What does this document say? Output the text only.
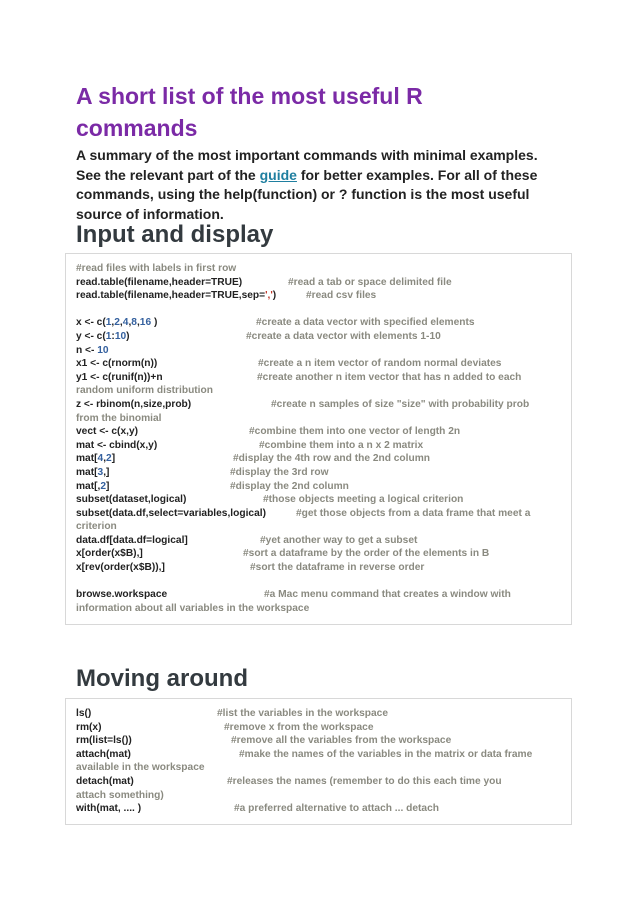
A short list of the most useful R commands

A summary of the most important commands with minimal examples. See the relevant part of the guide for better examples. For all of these commands, using the help(function) or ? function is the most useful source of information.

Input and display
#read files with labels in first row
read.table(filename,header=TRUE)	#read a tab or space delimited file
read.table(filename,header=TRUE,sep=',')	#read csv files
x <- c(1,2,4,8,16 )	#create a data vector with specified elements
y <- c(1:10)	#create a data vector with elements 1-10
n <- 10
x1 <- c(rnorm(n))	#create a n item vector of random normal deviates
y1 <- c(runif(n))+n	#create another n item vector that has n added to each
random uniform distribution
z <- rbinom(n,size,prob)	#create n samples of size "size" with probability prob
from the binomial
vect <- c(x,y)	#combine them into one vector of length 2n
mat <- cbind(x,y)	#combine them into a n x 2 matrix
mat[4,2]	#display the 4th row and the 2nd column
mat[3,]	#display the 3rd row
mat[,2]	#display the 2nd column
subset(dataset,logical)	#those objects meeting a logical criterion
subset(data.df,select=variables,logical)	#get those objects from a data frame that meet a
criterion
data.df[data.df=logical]	#yet another way to get a subset
x[order(x$B),]	#sort a dataframe by the order of the elements in B
x[rev(order(x$B)),]	#sort the dataframe in reverse order
browse.workspace	#a Mac menu command that creates a window with
information about all variables in the workspace
Moving around
ls()	#list the variables in the workspace
rm(x)	#remove x from the workspace
rm(list=ls())	#remove all the variables from the workspace
attach(mat)	#make the names of the variables in the matrix or data frame
available in the workspace
detach(mat)	#releases the names (remember to do this each time you
attach something)
with(mat, .... )	#a preferred alternative to attach ... detach
